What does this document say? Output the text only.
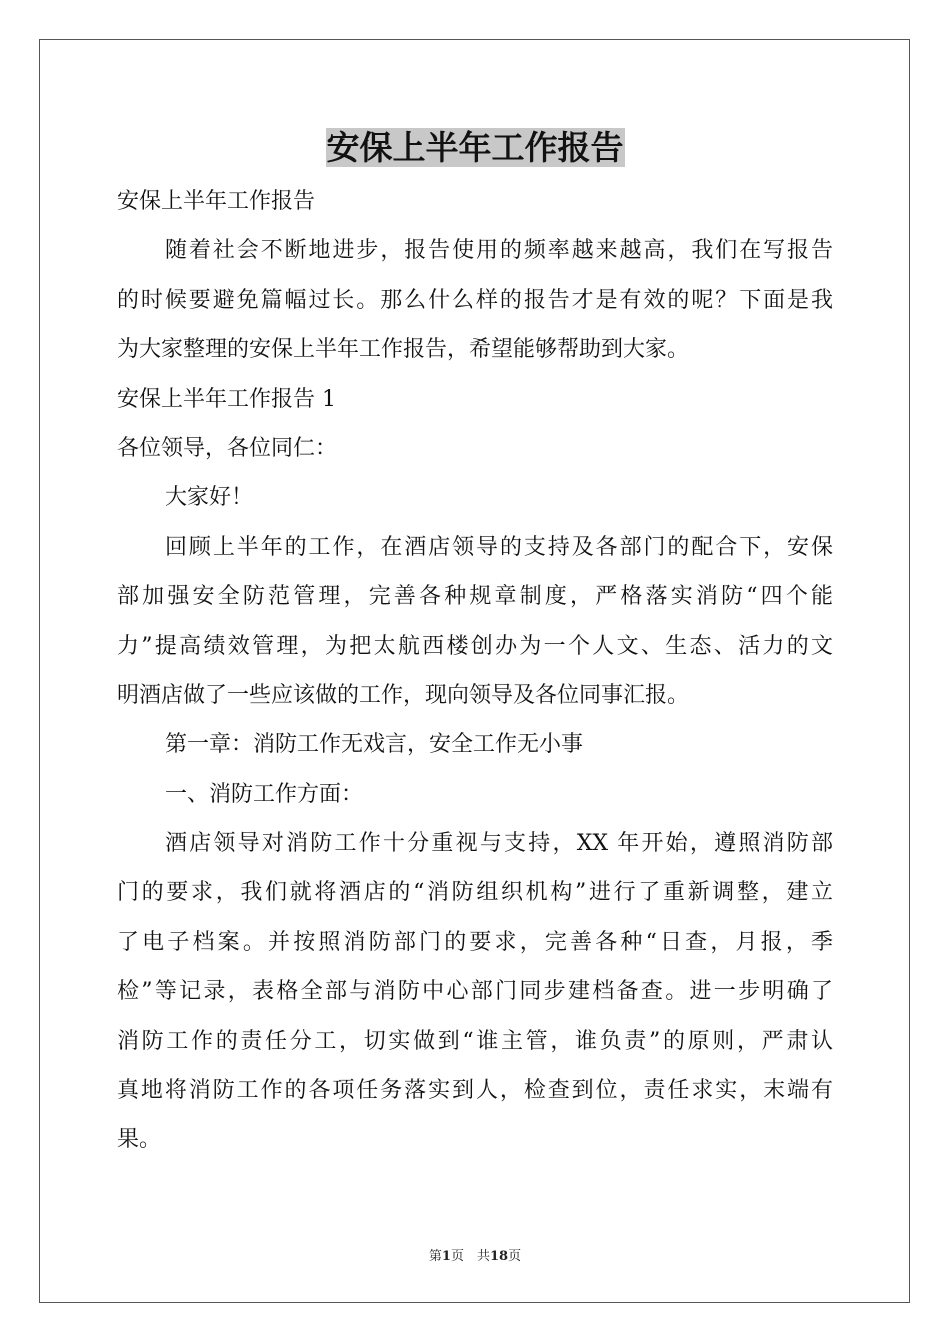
安保上半年工作报告

安保上半年工作报告

随着社会不断地进步，报告使用的频率越来越高，我们在写报告

的时候要避免篇幅过长。那么什么样的报告才是有效的呢？下面是我

为大家整理的安保上半年工作报告，希望能够帮助到大家。

安保上半年工作报告 1

各位领导，各位同仁：

大家好！

回顾上半年的工作，在酒店领导的支持及各部门的配合下，安保

部加强安全防范管理，完善各种规章制度，严格落实消防“四个能

力”提高绩效管理，为把太航西楼创办为一个人文、生态、活力的文

明酒店做了一些应该做的工作，现向领导及各位同事汇报。

第一章：消防工作无戏言，安全工作无小事

一、消防工作方面：

酒店领导对消防工作十分重视与支持，XX 年开始，遵照消防部

门的要求，我们就将酒店的“消防组织机构”进行了重新调整，建立

了电子档案。并按照消防部门的要求，完善各种“日查，月报，季

检”等记录，表格全部与消防中心部门同步建档备查。进一步明确了

消防工作的责任分工，切实做到“谁主管，谁负责”的原则，严肃认

真地将消防工作的各项任务落实到人，检查到位，责任求实，末端有

果。

第1页　共18页
